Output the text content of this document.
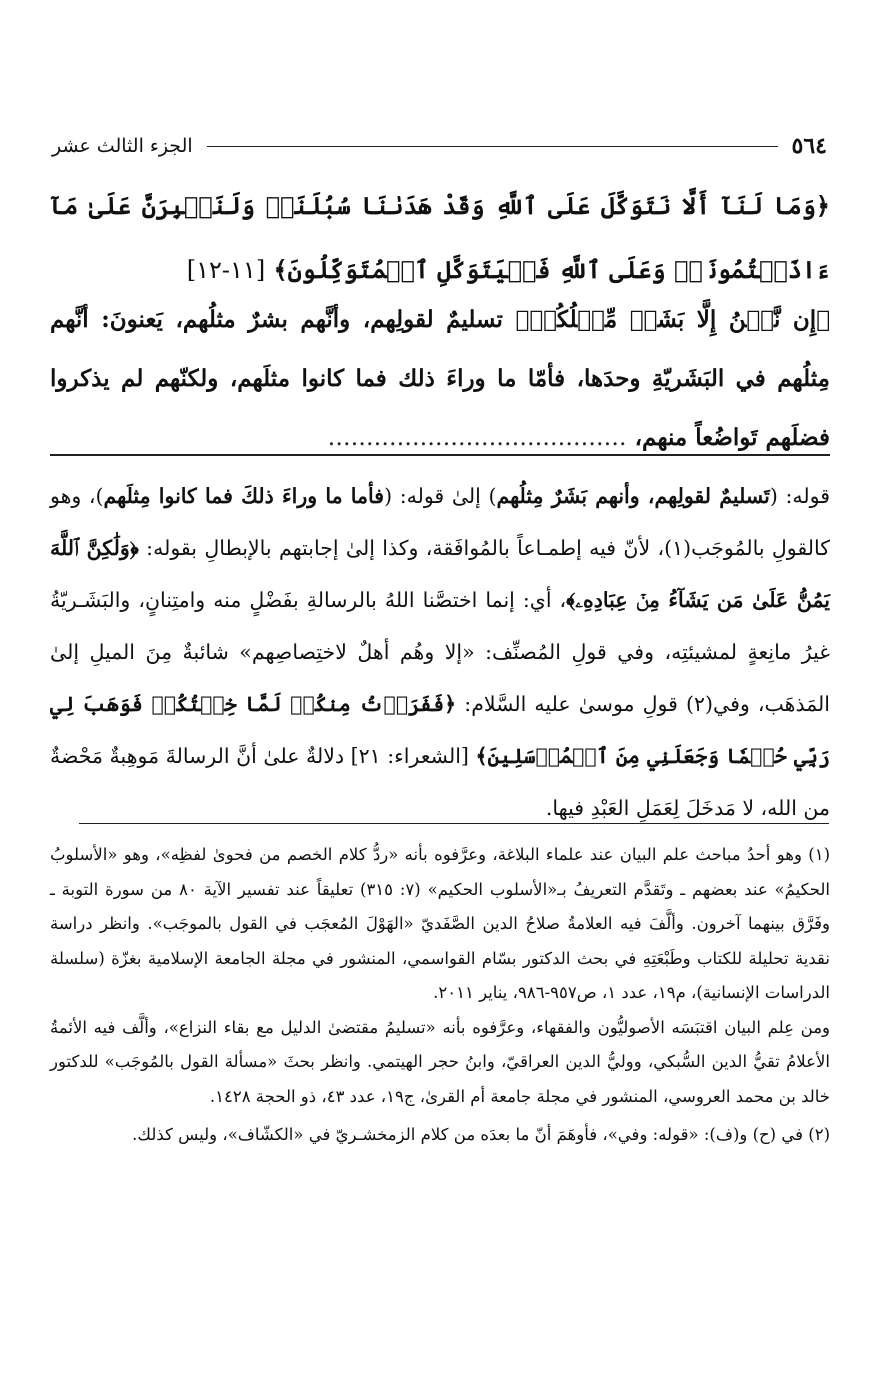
٥٦٤
الجزء الثالث عشر
﴿وَمَا لَنَآ أَلَّا نَتَوَكَّلَ عَلَى ٱللَّهِ وَقَدْ هَدَىٰنَا سُبُلَنَاۚ وَلَنَصۡبِرَنَّ عَلَىٰ مَآ ءَاذَيۡتُمُونَاۚ وَعَلَى ٱللَّهِ فَلۡيَتَوَكَّلِ ٱلۡمُتَوَكِّلُونَ﴾ [١١-١٢]
﴿إِن نَّحۡنُ إِلَّا بَشَرٞ مِّثۡلُكُمۡ﴾ تسليمٌ لقولِهم، وأنَّهم بشرٌ مثلُهم، يَعنونَ: أنَّهم مِثلُهم في البَشَريّةِ وحدَها، فأمّا ما وراءَ ذلك فما كانوا مثلَهم، ولكنّهم لم يذكروا فضلَهم تَواضُعاً منهم، …………………………………
قوله: (تَسليمٌ لقولِهم، وأنهم بَشَرٌ مِثلُهم) إلىٰ قوله: (فأما ما وراءَ ذلكَ فما كانوا مِثلَهم)، وهو كالقولِ بالمُوجَب(١)، لأنّ فيه إطمـاعاً بالمُوافَقة، وكذا إلىٰ إجابتهم بالإبطالِ بقوله: ﴿وَلَٰكِنَّ ٱللَّهَ يَمُنُّ عَلَىٰ مَن يَشَآءُ مِنۡ عِبَادِهِۦ﴾، أي: إنما اختصَّنا اللهُ بالرسالةِ بفَضْلٍ منه وامتِنانٍ، والبَشَـريّةُ غيرُ مانِعةٍ لمشيئتِه، وفي قولِ المُصنِّف: «إلا وهُم أهلٌ لاختِصاصِهم» شائبةٌ مِنَ الميلِ إلىٰ المَذهَب، وفي(٢) قولِ موسىٰ عليه السَّلام: ﴿فَفَرَرۡتُ مِنكُمۡ لَمَّا خِفۡتُكُمۡ فَوَهَبَ لِي رَبِّي حُكۡمٗا وَجَعَلَنِي مِنَ ٱلۡمُرۡسَلِينَ﴾ [الشعراء: ٢١] دلالةٌ علىٰ أنَّ الرسالةَ مَوهِبةٌ مَحْضةٌ من الله، لا مَدخَلَ لِعَمَلِ العَبْدِ فيها.

(١) وهو أحدُ مباحث علم البيان عند علماء البلاغة، وعرَّفوه بأنه «ردُّ كلام الخصم من فحوىٰ لفظِه»، وهو «الأسلوبُ الحكيمُ» عند بعضهم ـ وتَقدَّم التعريفُ بـ«الأسلوب الحكيم» (٧: ٣١٥) تعليقاً عند تفسير الآية ٨٠ من سورة التوبة ـ وفَرَّق بينهما آخرون. وألَّفَ فيه العلامةُ صلاحُ الدين الصَّفَديّ «الهَوْلَ المُعجَب في القول بالموجَب». وانظر دراسة نقدية تحليلة للكتاب وطَبْعَتِهِ في بحث الدكتور بسّام القواسمي، المنشور في مجلة الجامعة الإسلامية بغزّة (سلسلة الدراسات الإنسانية)، م١٩، عدد ١، ص٩٥٧-٩٨٦، يناير ٢٠١١.

ومن عِلم البيان اقتبَسَه الأصوليُّون والفقهاء، وعرَّفوه بأنه «تسليمُ مقتضىٰ الدليل مع بقاء النزاع»، وألَّف فيه الأئمةُ الأعلامُ تقيُّ الدين السُّبكي، ووليُّ الدين العراقيّ، وابنُ حجر الهيتمي. وانظر بحثَ «مسألة القول بالمُوجَب» للدكتور خالد بن محمد العروسي، المنشور في مجلة جامعة أم القرىٰ، ج١٩، عدد ٤٣، ذو الحجة ١٤٢٨.

(٢) في (ح) و(ف): «قوله: وفي»، فأوهَمَ أنّ ما بعدَه من كلام الزمخشـريّ في «الكشّاف»، وليس كذلك.
